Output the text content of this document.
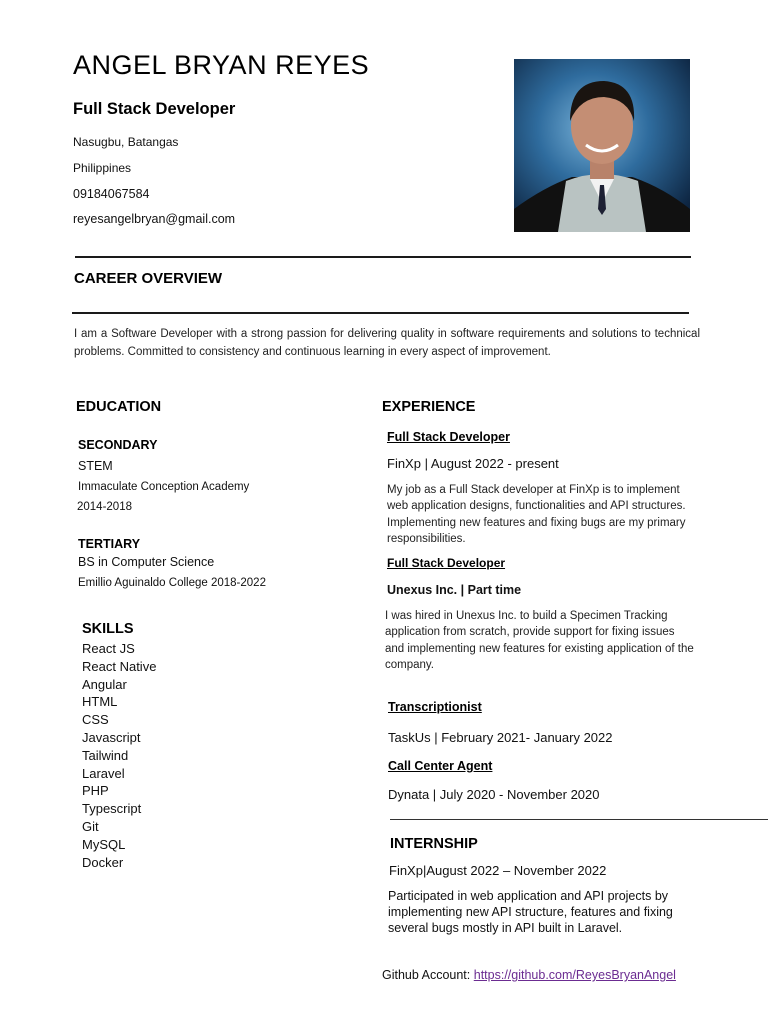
ANGEL BRYAN REYES
Full Stack Developer
Nasugbu, Batangas
Philippines
09184067584
reyesangelbryan@gmail.com
CAREER OVERVIEW
I am a Software Developer with a strong passion for delivering quality in software requirements and solutions to technical problems. Committed to consistency and continuous learning in every aspect of improvement.
EDUCATION
SECONDARY
STEM
Immaculate Conception Academy
2014-2018
TERTIARY
BS in Computer Science
Emillio Aguinaldo College 2018-2022
SKILLS
React JS
React Native
Angular
HTML
CSS
Javascript
Tailwind
Laravel
PHP
Typescript
Git
MySQL
Docker
EXPERIENCE
Full Stack Developer
FinXp | August 2022 - present
My job as a Full Stack developer at FinXp is to implement web application designs, functionalities and API structures. Implementing new features and fixing bugs are my primary responsibilities.
Full Stack Developer
Unexus Inc. | Part time
I was hired in Unexus Inc. to build a Specimen Tracking application from scratch, provide support for fixing issues and implementing new features for existing application of the company.
Transcriptionist
TaskUs | February 2021- January 2022
Call Center Agent
Dynata | July 2020 - November 2020
INTERNSHIP
FinXp|August 2022 – November 2022
Participated in web application and API projects by implementing new API structure, features and fixing several bugs mostly in API built in Laravel.
Github Account: https://github.com/ReyesBryanAngel
